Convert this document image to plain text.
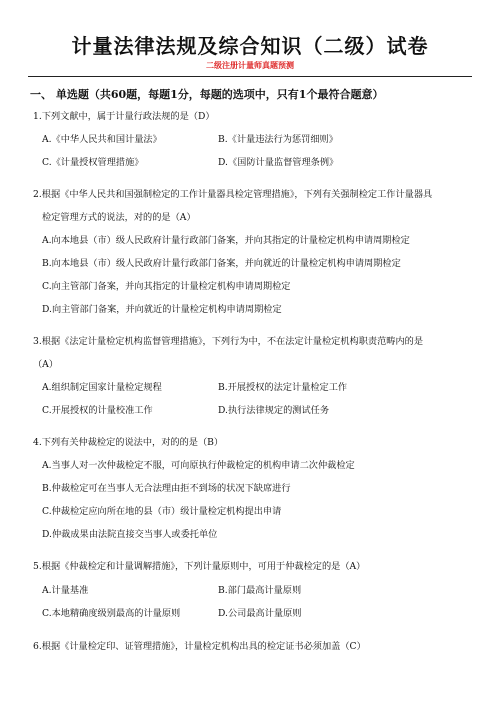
计量法律法规及综合知识（二级）试卷
二级注册计量师真题预测
一、 单选题（共60题，每题1分，每题的选项中，只有1个最符合题意）
1.下列文献中，属于计量行政法规的是（D）
A.《中华人民共和国计量法》	B.《计量违法行为惩罚细则》
C.《计量授权管理措施》	D.《国防计量监督管理条例》
2.根据《中华人民共和国强制检定的工作计量器具检定管理措施》，下列有关强制检定工作计量器具
检定管理方式的说法，对的的是（A）
A.向本地县（市）级人民政府计量行政部门备案，并向其指定的计量检定机构申请周期检定
B.向本地县（市）级人民政府计量行政部门备案，并向就近的计量检定机构申请周期检定
C.向主管部门备案，并向其指定的计量检定机构申请周期检定
D.向主管部门备案，并向就近的计量检定机构申请周期检定
3.根据《法定计量检定机构监督管理措施》，下列行为中，不在法定计量检定机构职责范畴内的是
（A）
A.组织制定国家计量检定规程	B.开展授权的法定计量检定工作
C.开展授权的计量校准工作	D.执行法律规定的测试任务
4.下列有关仲裁检定的说法中，对的的是（B）
A.当事人对一次仲裁检定不服，可向原执行仲裁检定的机构申请二次仲裁检定
B.仲裁检定可在当事人无合法理由拒不到场的状况下缺席进行
C.仲裁检定应向所在地的县（市）级计量检定机构提出申请
D.仲裁成果由法院直接交当事人或委托单位
5.根据《仲裁检定和计量调解措施》，下列计量原则中，可用于仲裁检定的是（A）
A.计量基准	B.部门最高计量原则
C.本地精确度级别最高的计量原则	D.公司最高计量原则
6.根据《计量检定印、证管理措施》，计量检定机构出具的检定证书必须加盖（C）
